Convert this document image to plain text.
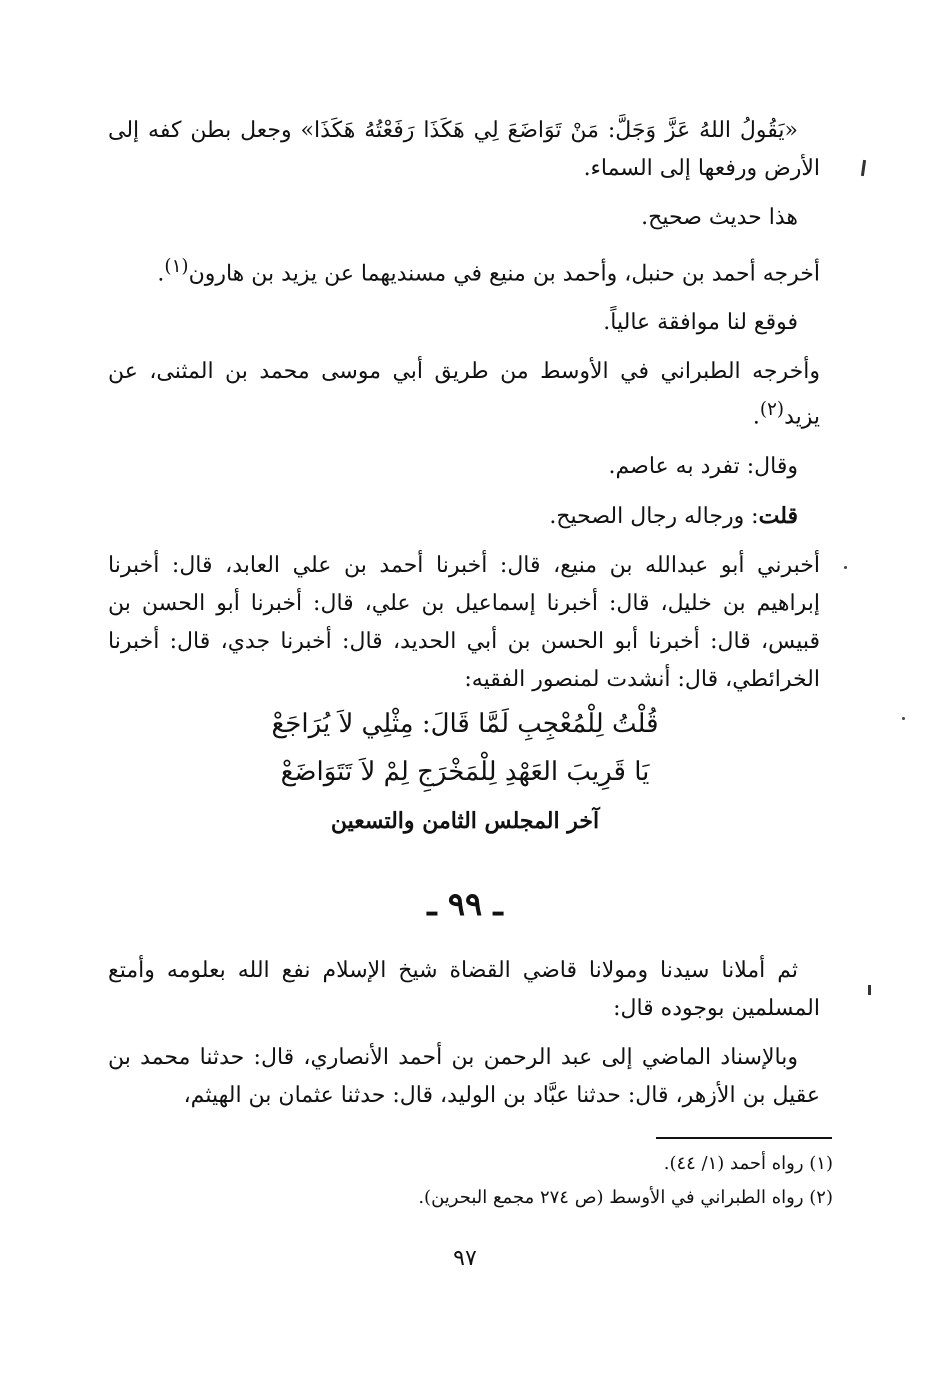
«يَقُولُ اللهُ عَزَّ وَجَلَّ: مَنْ تَوَاضَعَ لِي هَكَذَا رَفَعْتُهُ هَكَذَا» وجعل بطن كفه إلى الأرض ورفعها إلى السماء.

هذا حديث صحيح.

أخرجه أحمد بن حنبل، وأحمد بن منيع في مسنديهما عن يزيد بن هارون$^{(١)}$.

فوقع لنا موافقة عالياً.

وأخرجه الطبراني في الأوسط من طريق أبي موسى محمد بن المثنى، عن يزيد$^{(٢)}$.

وقال: تفرد به عاصم.

قلت: ورجاله رجال الصحيح.

أخبرني أبو عبدالله بن منيع، قال: أخبرنا أحمد بن علي العابد، قال: أخبرنا إبراهيم بن خليل، قال: أخبرنا إسماعيل بن علي، قال: أخبرنا أبو الحسن بن قبيس، قال: أخبرنا أبو الحسن بن أبي الحديد، قال: أخبرنا جدي، قال: أخبرنا الخرائطي، قال: أنشدت لمنصور الفقيه:

قُلْتُ لِلْمُعْجِبِ لَمَّا قَالَ: مِثْلِي لاَ يُرَاجَعْ
يَا قَرِيبَ العَهْدِ لِلْمَخْرَجِ لِمْ لاَ تَتَوَاضَعْ
آخر المجلس الثامن والتسعين
ـ ٩٩ ـ

ثم أملانا سيدنا ومولانا قاضي القضاة شيخ الإسلام نفع الله بعلومه وأمتع المسلمين بوجوده قال:

وبالإسناد الماضي إلى عبد الرحمن بن أحمد الأنصاري، قال: حدثنا محمد بن عقيل بن الأزهر، قال: حدثنا عبَّاد بن الوليد، قال: حدثنا عثمان بن الهيثم،

(١) رواه أحمد (١/ ٤٤).
(٢) رواه الطبراني في الأوسط (ص ٢٧٤ مجمع البحرين).
٩٧
